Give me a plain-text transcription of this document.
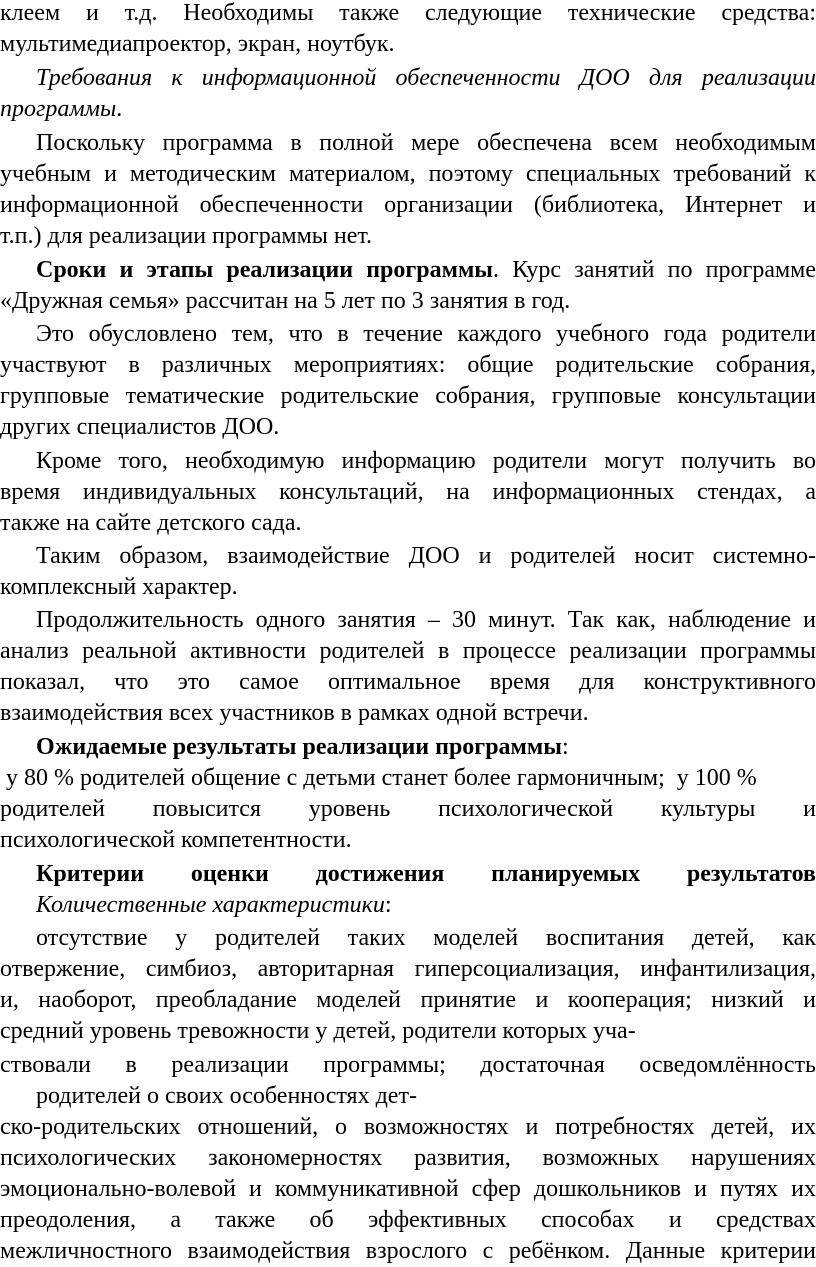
клеем и т.д. Необходимы также следующие технические средства:
мультимедиапроектор, экран, ноутбук.
Требования к информационной обеспеченности ДОО для реализации
программы.
Поскольку программа в полной мере обеспечена всем необходимым
учебным и методическим материалом, поэтому специальных требований к
информационной обеспеченности организации (библиотека, Интернет и
т.п.) для реализации программы нет.
Сроки и этапы реализации программы. Курс занятий по программе
«Дружная семья» рассчитан на 5 лет по 3 занятия в год.
Это обусловлено тем, что в течение каждого учебного года родители
участвуют в различных мероприятиях: общие родительские собрания,
групповые тематические родительские собрания, групповые консультации
других специалистов ДОО.
Кроме того, необходимую информацию родители могут получить во
время индивидуальных консультаций, на информационных стендах, а
также на сайте детского сада.
Таким образом, взаимодействие ДОО и родителей носит системно-
комплексный характер.
Продолжительность одного занятия – 30 минут. Так как, наблюдение и
анализ реальной активности родителей в процессе реализации программы
показал, что это самое оптимальное время для конструктивного
взаимодействия всех участников в рамках одной встречи.
Ожидаемые результаты реализации программы:
у 80 % родителей общение с детьми станет более гармоничным;  у 100 %
родителей повысится уровень психологической культуры и
психологической компетентности.
Критерии оценки достижения планируемых результатов
Количественные характеристики:
отсутствие у родителей таких моделей воспитания детей, как
отвержение, симбиоз, авторитарная гиперсоциализация, инфантилизация,
и, наоборот, преобладание моделей принятие и кооперация; низкий и
средний уровень тревожности у детей, родители которых уча-
ствовали в реализации программы; достаточная осведомлённость
родителей о своих особенностях дет-
ско-родительских отношений, о возможностях и потребностях детей, их
психологических закономерностях развития, возможных нарушениях
эмоционально-волевой и коммуникативной сфер дошкольников и путях их
преодоления, а также об эффективных способах и средствах
межличностного взаимодействия взрослого с ребёнком. Данные критерии
